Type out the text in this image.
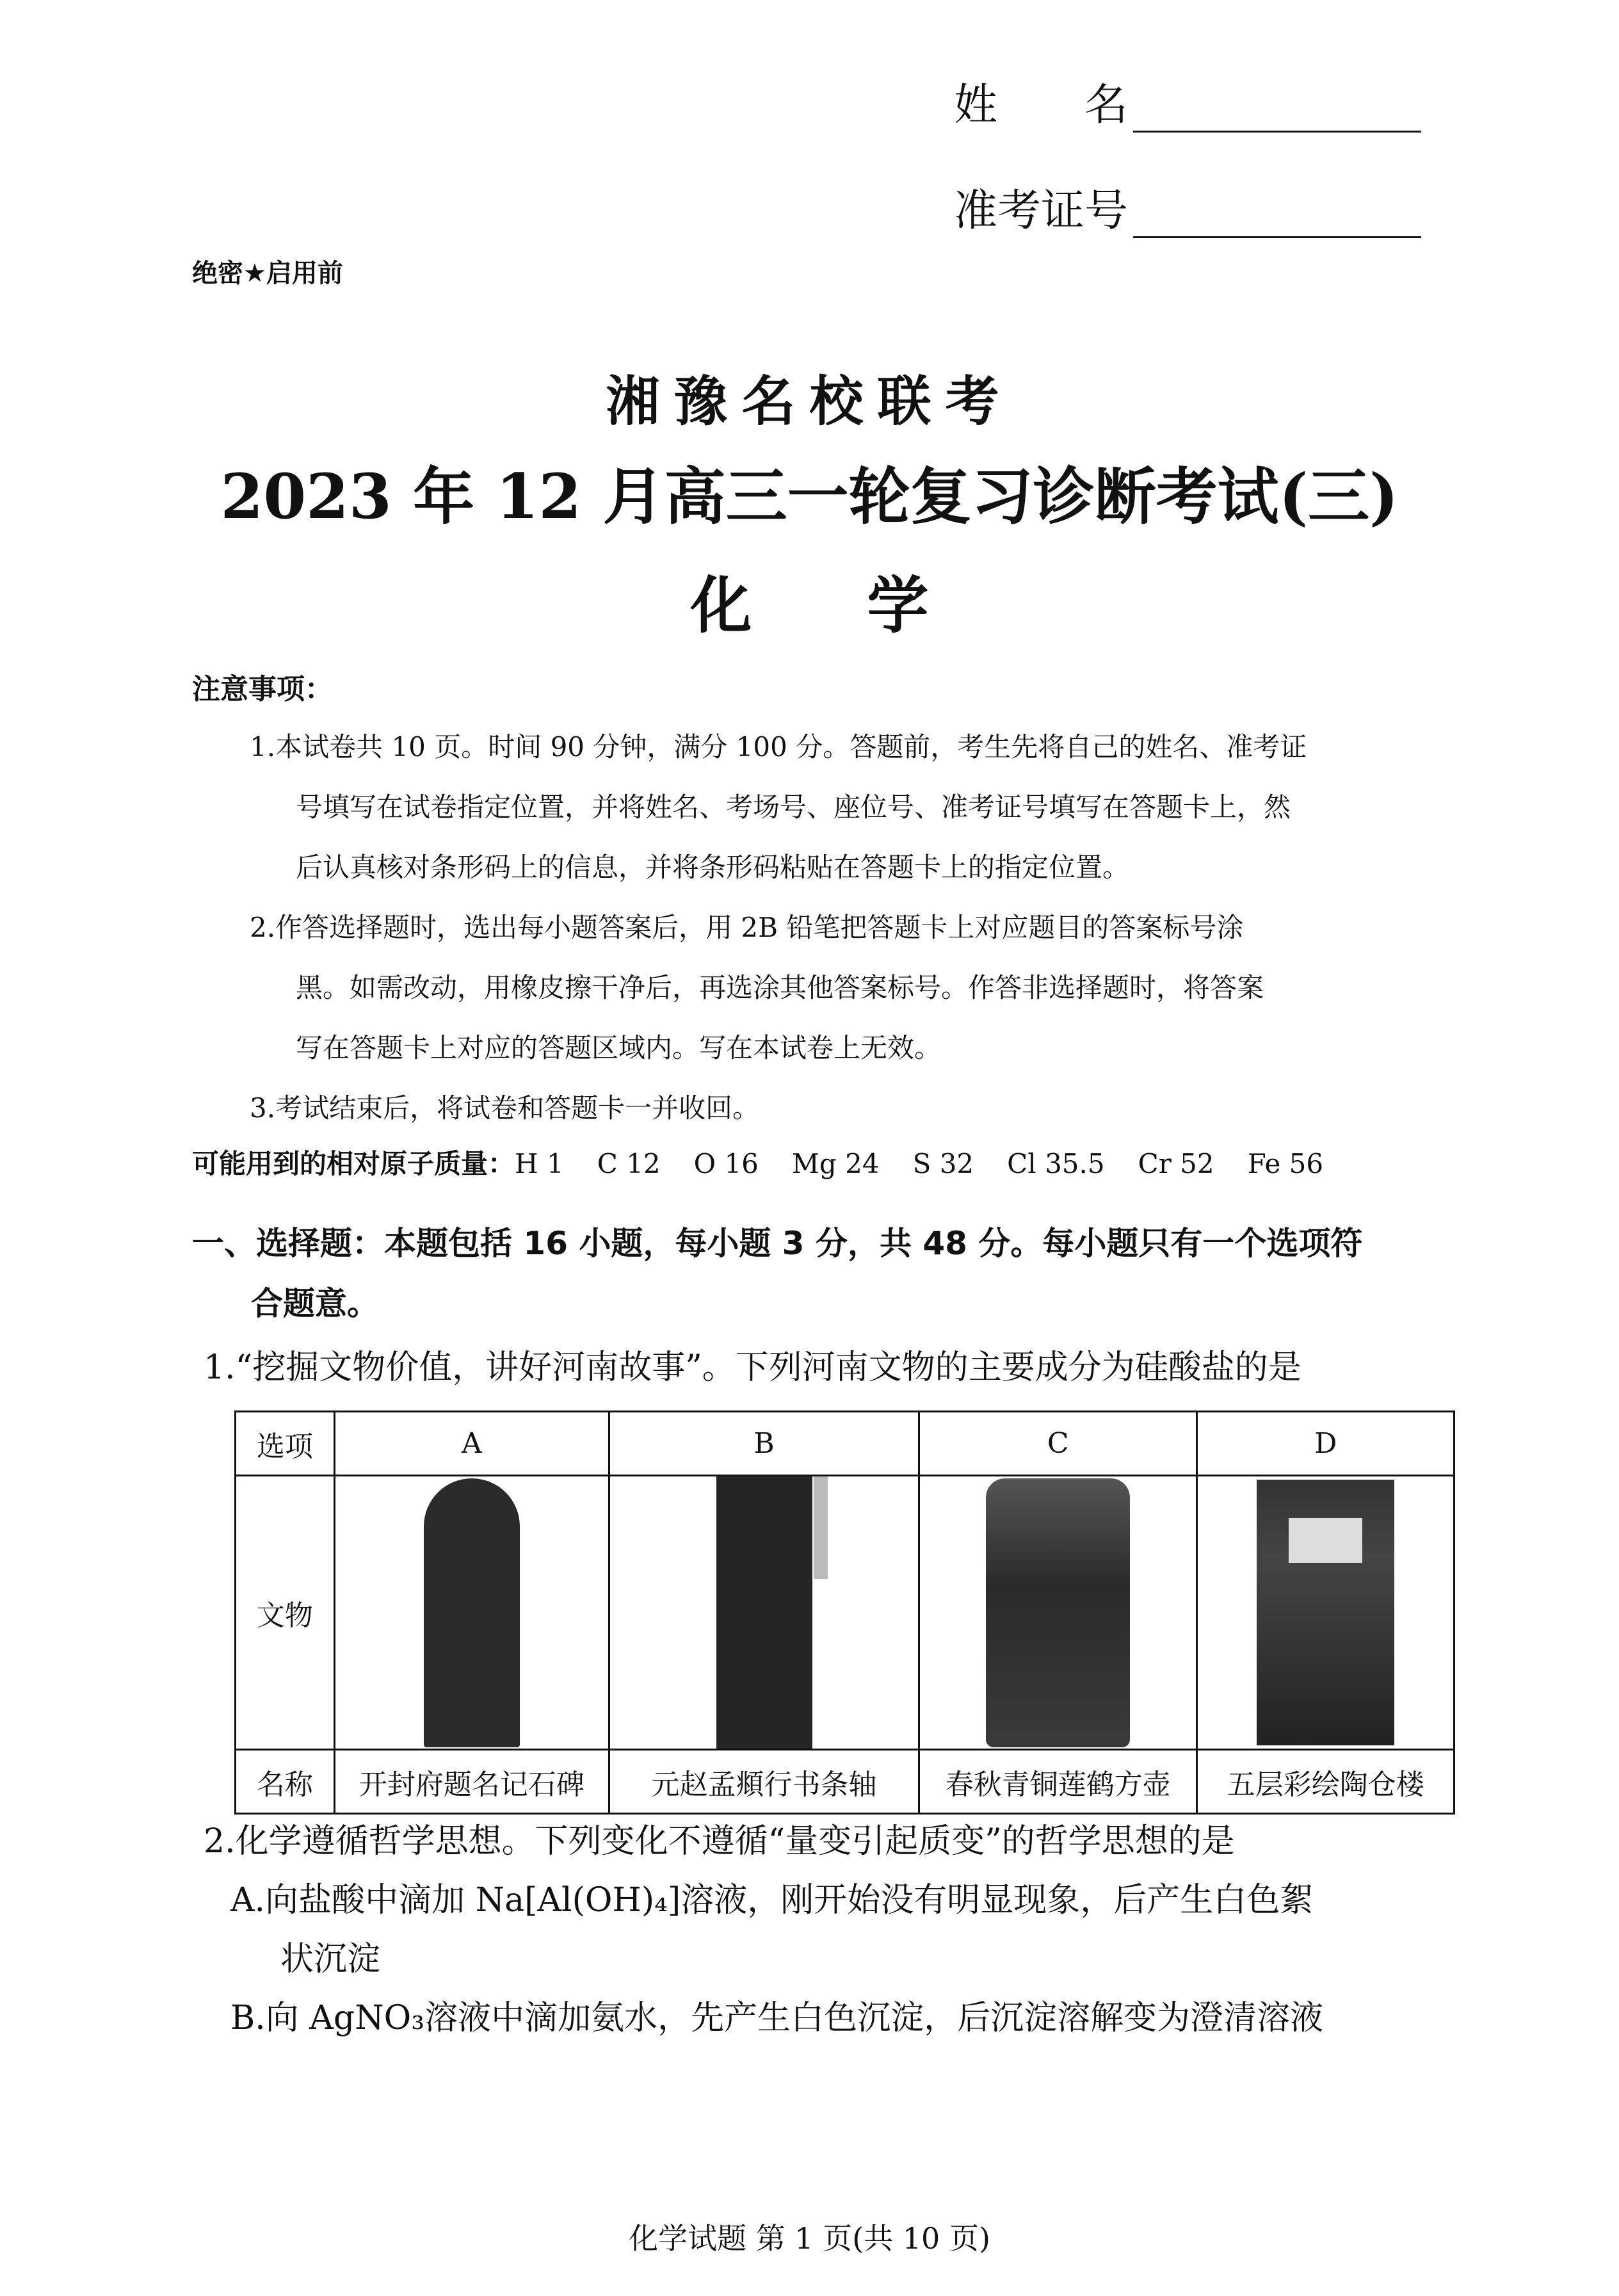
姓　　名
准考证号
绝密★启用前
湘豫名校联考
2023 年 12 月高三一轮复习诊断考试(三)
化 学
注意事项：

1.本试卷共 10 页。时间 90 分钟，满分 100 分。答题前，考生先将自己的姓名、准考证

号填写在试卷指定位置，并将姓名、考场号、座位号、准考证号填写在答题卡上，然

后认真核对条形码上的信息，并将条形码粘贴在答题卡上的指定位置。

2.作答选择题时，选出每小题答案后，用 2B 铅笔把答题卡上对应题目的答案标号涂

黑。如需改动，用橡皮擦干净后，再选涂其他答案标号。作答非选择题时，将答案

写在答题卡上对应的答题区域内。写在本试卷上无效。

3.考试结束后，将试卷和答题卡一并收回。

可能用到的相对原子质量：H 1 C 12 O 16 Mg 24 S 32 Cl 35.5 Cr 52 Fe 56
一、选择题：本题包括 16 小题，每小题 3 分，共 48 分。每小题只有一个选项符
合题意。
1.“挖掘文物价值，讲好河南故事”。下列河南文物的主要成分为硅酸盐的是
选项	A	B	C	D
文物	

名称	开封府题名记石碑	元赵孟頫行书条轴	春秋青铜莲鹤方壶	五层彩绘陶仓楼
2.化学遵循哲学思想。下列变化不遵循“量变引起质变”的哲学思想的是
A.向盐酸中滴加 Na[Al(OH)₄]溶液，刚开始没有明显现象，后产生白色絮
状沉淀
B.向 AgNO₃溶液中滴加氨水，先产生白色沉淀，后沉淀溶解变为澄清溶液
化学试题 第 1 页(共 10 页)
